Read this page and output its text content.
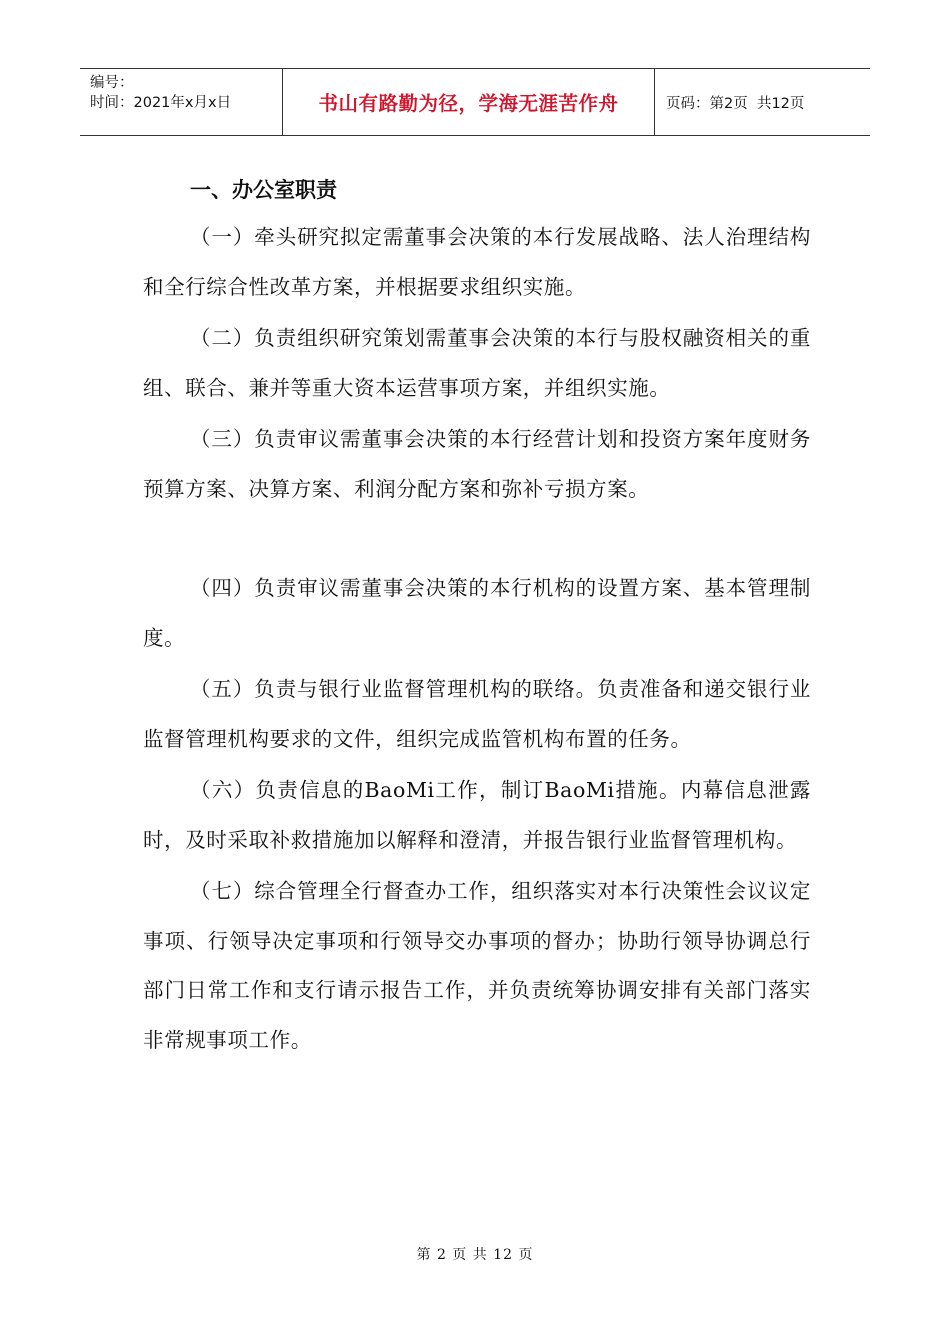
编号：
时间：2021年x月x日	书山有路勤为径，学海无涯苦作舟	页码：第2页  共12页
一、办公室职责

（一）牵头研究拟定需董事会决策的本行发展战略、法人治理结构和全行综合性改革方案，并根据要求组织实施。

（二）负责组织研究策划需董事会决策的本行与股权融资相关的重组、联合、兼并等重大资本运营事项方案，并组织实施。

（三）负责审议需董事会决策的本行经营计划和投资方案年度财务预算方案、决算方案、利润分配方案和弥补亏损方案。

（四）负责审议需董事会决策的本行机构的设置方案、基本管理制度。

（五）负责与银行业监督管理机构的联络。负责准备和递交银行业监督管理机构要求的文件，组织完成监管机构布置的任务。

（六）负责信息的BaoMi工作，制订BaoMi措施。内幕信息泄露时，及时采取补救措施加以解释和澄清，并报告银行业监督管理机构。

（七）综合管理全行督查办工作，组织落实对本行决策性会议议定事项、行领导决定事项和行领导交办事项的督办；协助行领导协调总行部门日常工作和支行请示报告工作，并负责统筹协调安排有关部门落实非常规事项工作。

第 2 页 共 12 页
